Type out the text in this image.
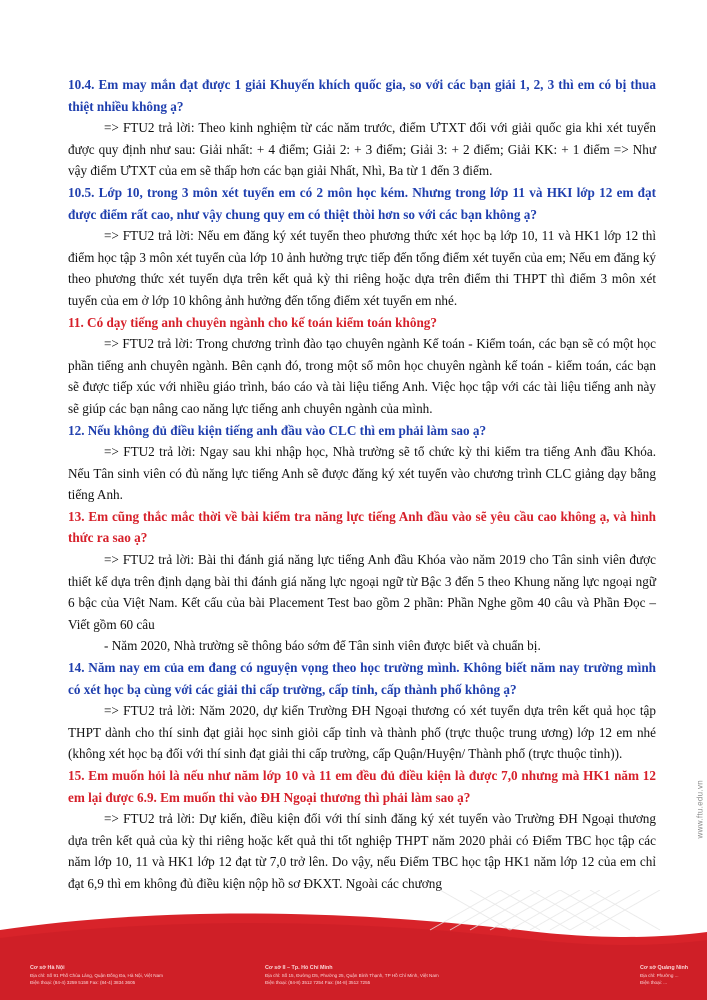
10.4. Em may mắn đạt được 1 giải Khuyến khích quốc gia, so với các bạn giải 1, 2, 3 thì em có bị thua thiệt nhiều không ạ?

=> FTU2 trả lời: Theo kinh nghiệm từ các năm trước, điểm ƯTXT đối với giải quốc gia khi xét tuyển được quy định như sau: Giải nhất: + 4 điểm; Giải 2: + 3 điểm; Giải 3: + 2 điểm; Giải KK: + 1 điểm => Như vậy điểm ƯTXT của em sẽ thấp hơn các bạn giải Nhất, Nhì, Ba từ 1 đến 3 điểm.

10.5. Lớp 10, trong 3 môn xét tuyển em có 2 môn học kém. Nhưng trong lớp 11 và HKI lớp 12 em đạt được điểm rất cao, như vậy chung quy em có thiệt thòi hơn so với các bạn không ạ?

=> FTU2 trả lời: Nếu em đăng ký xét tuyển theo phương thức xét học bạ lớp 10, 11 và HK1 lớp 12 thì điểm học tập 3 môn xét tuyển của lớp 10 ảnh hưởng trực tiếp đến tổng điểm xét tuyển của em; Nếu em đăng ký theo phương thức xét tuyển dựa trên kết quả kỳ thi riêng hoặc dựa trên điểm thi THPT thì điểm 3 môn xét tuyển của em ở lớp 10 không ảnh hưởng đến tổng điểm xét tuyển em nhé.

11. Có dạy tiếng anh chuyên ngành cho kế toán kiểm toán không?

=> FTU2 trả lời: Trong chương trình đào tạo chuyên ngành Kế toán - Kiểm toán, các bạn sẽ có một học phần tiếng anh chuyên ngành. Bên cạnh đó, trong một số môn học chuyên ngành kế toán - kiểm toán, các bạn sẽ được tiếp xúc với nhiều giáo trình, báo cáo và tài liệu tiếng Anh. Việc học tập với các tài liệu tiếng anh này sẽ giúp các bạn nâng cao năng lực tiếng anh chuyên ngành của mình.

12. Nếu không đủ điều kiện tiếng anh đầu vào CLC thì em phải làm sao ạ?

=> FTU2 trả lời: Ngay sau khi nhập học, Nhà trường sẽ tổ chức kỳ thi kiểm tra tiếng Anh đầu Khóa. Nếu Tân sinh viên có đủ năng lực tiếng Anh sẽ được đăng ký xét tuyển vào chương trình CLC giảng dạy bằng tiếng Anh.

13. Em cũng thắc mắc thời về bài kiểm tra năng lực tiếng Anh đầu vào sẽ yêu cầu cao không ạ, và hình thức ra sao ạ?

=> FTU2 trả lời: Bài thi đánh giá năng lực tiếng Anh đầu Khóa vào năm 2019 cho Tân sinh viên được thiết kế dựa trên định dạng bài thi đánh giá năng lực ngoại ngữ từ Bậc 3 đến 5 theo Khung năng lực ngoại ngữ 6 bậc của Việt Nam. Kết cấu của bài Placement Test bao gồm 2 phần: Phần Nghe gồm 40 câu và Phần Đọc – Viết gồm 60 câu

- Năm 2020, Nhà trường sẽ thông báo sớm để Tân sinh viên được biết và chuẩn bị.

14. Năm nay em của em đang có nguyện vọng theo học trường mình. Không biết năm nay trường mình có xét học bạ cùng với các giải thi cấp trường, cấp tỉnh, cấp thành phố không ạ?

=> FTU2 trả lời: Năm 2020, dự kiến Trường ĐH Ngoại thương có xét tuyển dựa trên kết quả học tập THPT dành cho thí sinh đạt giải học sinh giỏi cấp tỉnh và thành phố (trực thuộc trung ương) lớp 12 em nhé (không xét học bạ đối với thí sinh đạt giải thi cấp trường, cấp Quận/Huyện/ Thành phố (trực thuộc tỉnh)).

15. Em muốn hỏi là nếu như năm lớp 10 và 11 em đều đủ điều kiện là được 7,0 nhưng mà HK1 năm 12 em lại được 6.9. Em muốn thi vào ĐH Ngoại thương thì phải làm sao ạ?

=> FTU2 trả lời: Dự kiến, điều kiện đối với thí sinh đăng ký xét tuyển vào Trường ĐH Ngoại thương dựa trên kết quả của kỳ thi riêng hoặc kết quả thi tốt nghiệp THPT năm 2020 phải có Điểm TBC học tập các năm lớp 10, 11 và HK1 lớp 12 đạt từ 7,0 trở lên. Do vậy, nếu Điểm TBC học tập HK1 năm lớp 12 của em chỉ đạt 6,9 thì em không đủ điều kiện nộp hồ sơ ĐKXT. Ngoài các chương

www.ftu.edu.vn
Cơ sở Hà Nội
Địa chỉ: Số 91 Phố Chùa Láng, Quận Đống Đa, Hà Nội, Việt Nam
Điện thoại: (84-4) 3259 5158 Fax: (84-4) 3834 3605
Cơ sở II – Tp. Hồ Chí Minh
Địa chỉ: Số 15, Đường D5, Phường 25, Quận Bình Thạnh, TP Hồ Chí Minh, Việt Nam
Điện thoại: (84-8) 3512 7254 Fax: (84-8) 3512 7255
Cơ sở Quảng Ninh
Địa chỉ: Phường ...
Điện thoại: ...
